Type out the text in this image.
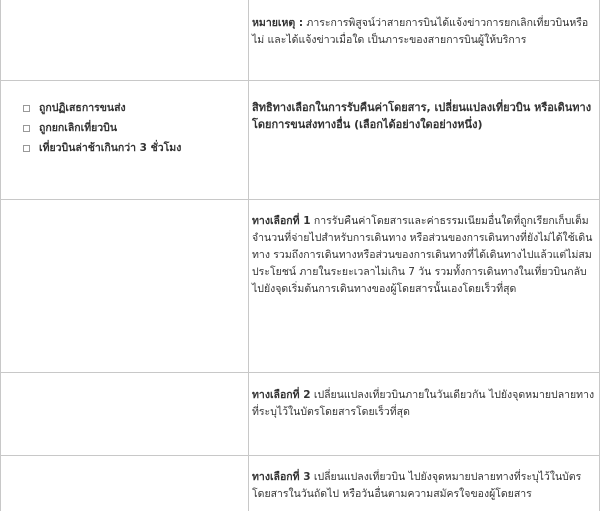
หมายเหตุ : ภาระการพิสูจน์ว่าสายการบินได้แจ้งข่าวการยกเลิกเที่ยวบินหรือไม่ และได้แจ้งข่าวเมื่อใด เป็นภาระของสายการบินผู้ให้บริการ
ถูกปฏิเสธการขนส่ง
ถูกยกเลิกเที่ยวบิน
เที่ยวบินล่าช้าเกินกว่า 3 ชั่วโมง
สิทธิทางเลือกในการรับคืนค่าโดยสาร, เปลี่ยนแปลงเที่ยวบิน หรือเดินทางโดยการขนส่งทางอื่น (เลือกได้อย่างใดอย่างหนึ่ง)
ทางเลือกที่ 1 การรับคืนค่าโดยสารและค่าธรรมเนียมอื่นใดที่ถูกเรียกเก็บเต็มจำนวนที่จ่ายไปสำหรับการเดินทาง หรือส่วนของการเดินทางที่ยังไม่ได้ใช้เดินทาง รวมถึงการเดินทางหรือส่วนของการเดินทางที่ได้เดินทางไปแล้วแต่ไม่สมประโยชน์ ภายในระยะเวลาไม่เกิน 7 วัน รวมทั้งการเดินทางในเที่ยวบินกลับไปยังจุดเริ่มต้นการเดินทางของผู้โดยสารนั้นเองโดยเร็วที่สุด
ทางเลือกที่ 2 เปลี่ยนแปลงเที่ยวบินภายในวันเดียวกัน ไปยังจุดหมายปลายทางที่ระบุไว้ในบัตรโดยสารโดยเร็วที่สุด
ทางเลือกที่ 3 เปลี่ยนแปลงเที่ยวบิน ไปยังจุดหมายปลายทางที่ระบุไว้ในบัตรโดยสารในวันถัดไป หรือวันอื่นตามความสมัครใจของผู้โดยสาร
